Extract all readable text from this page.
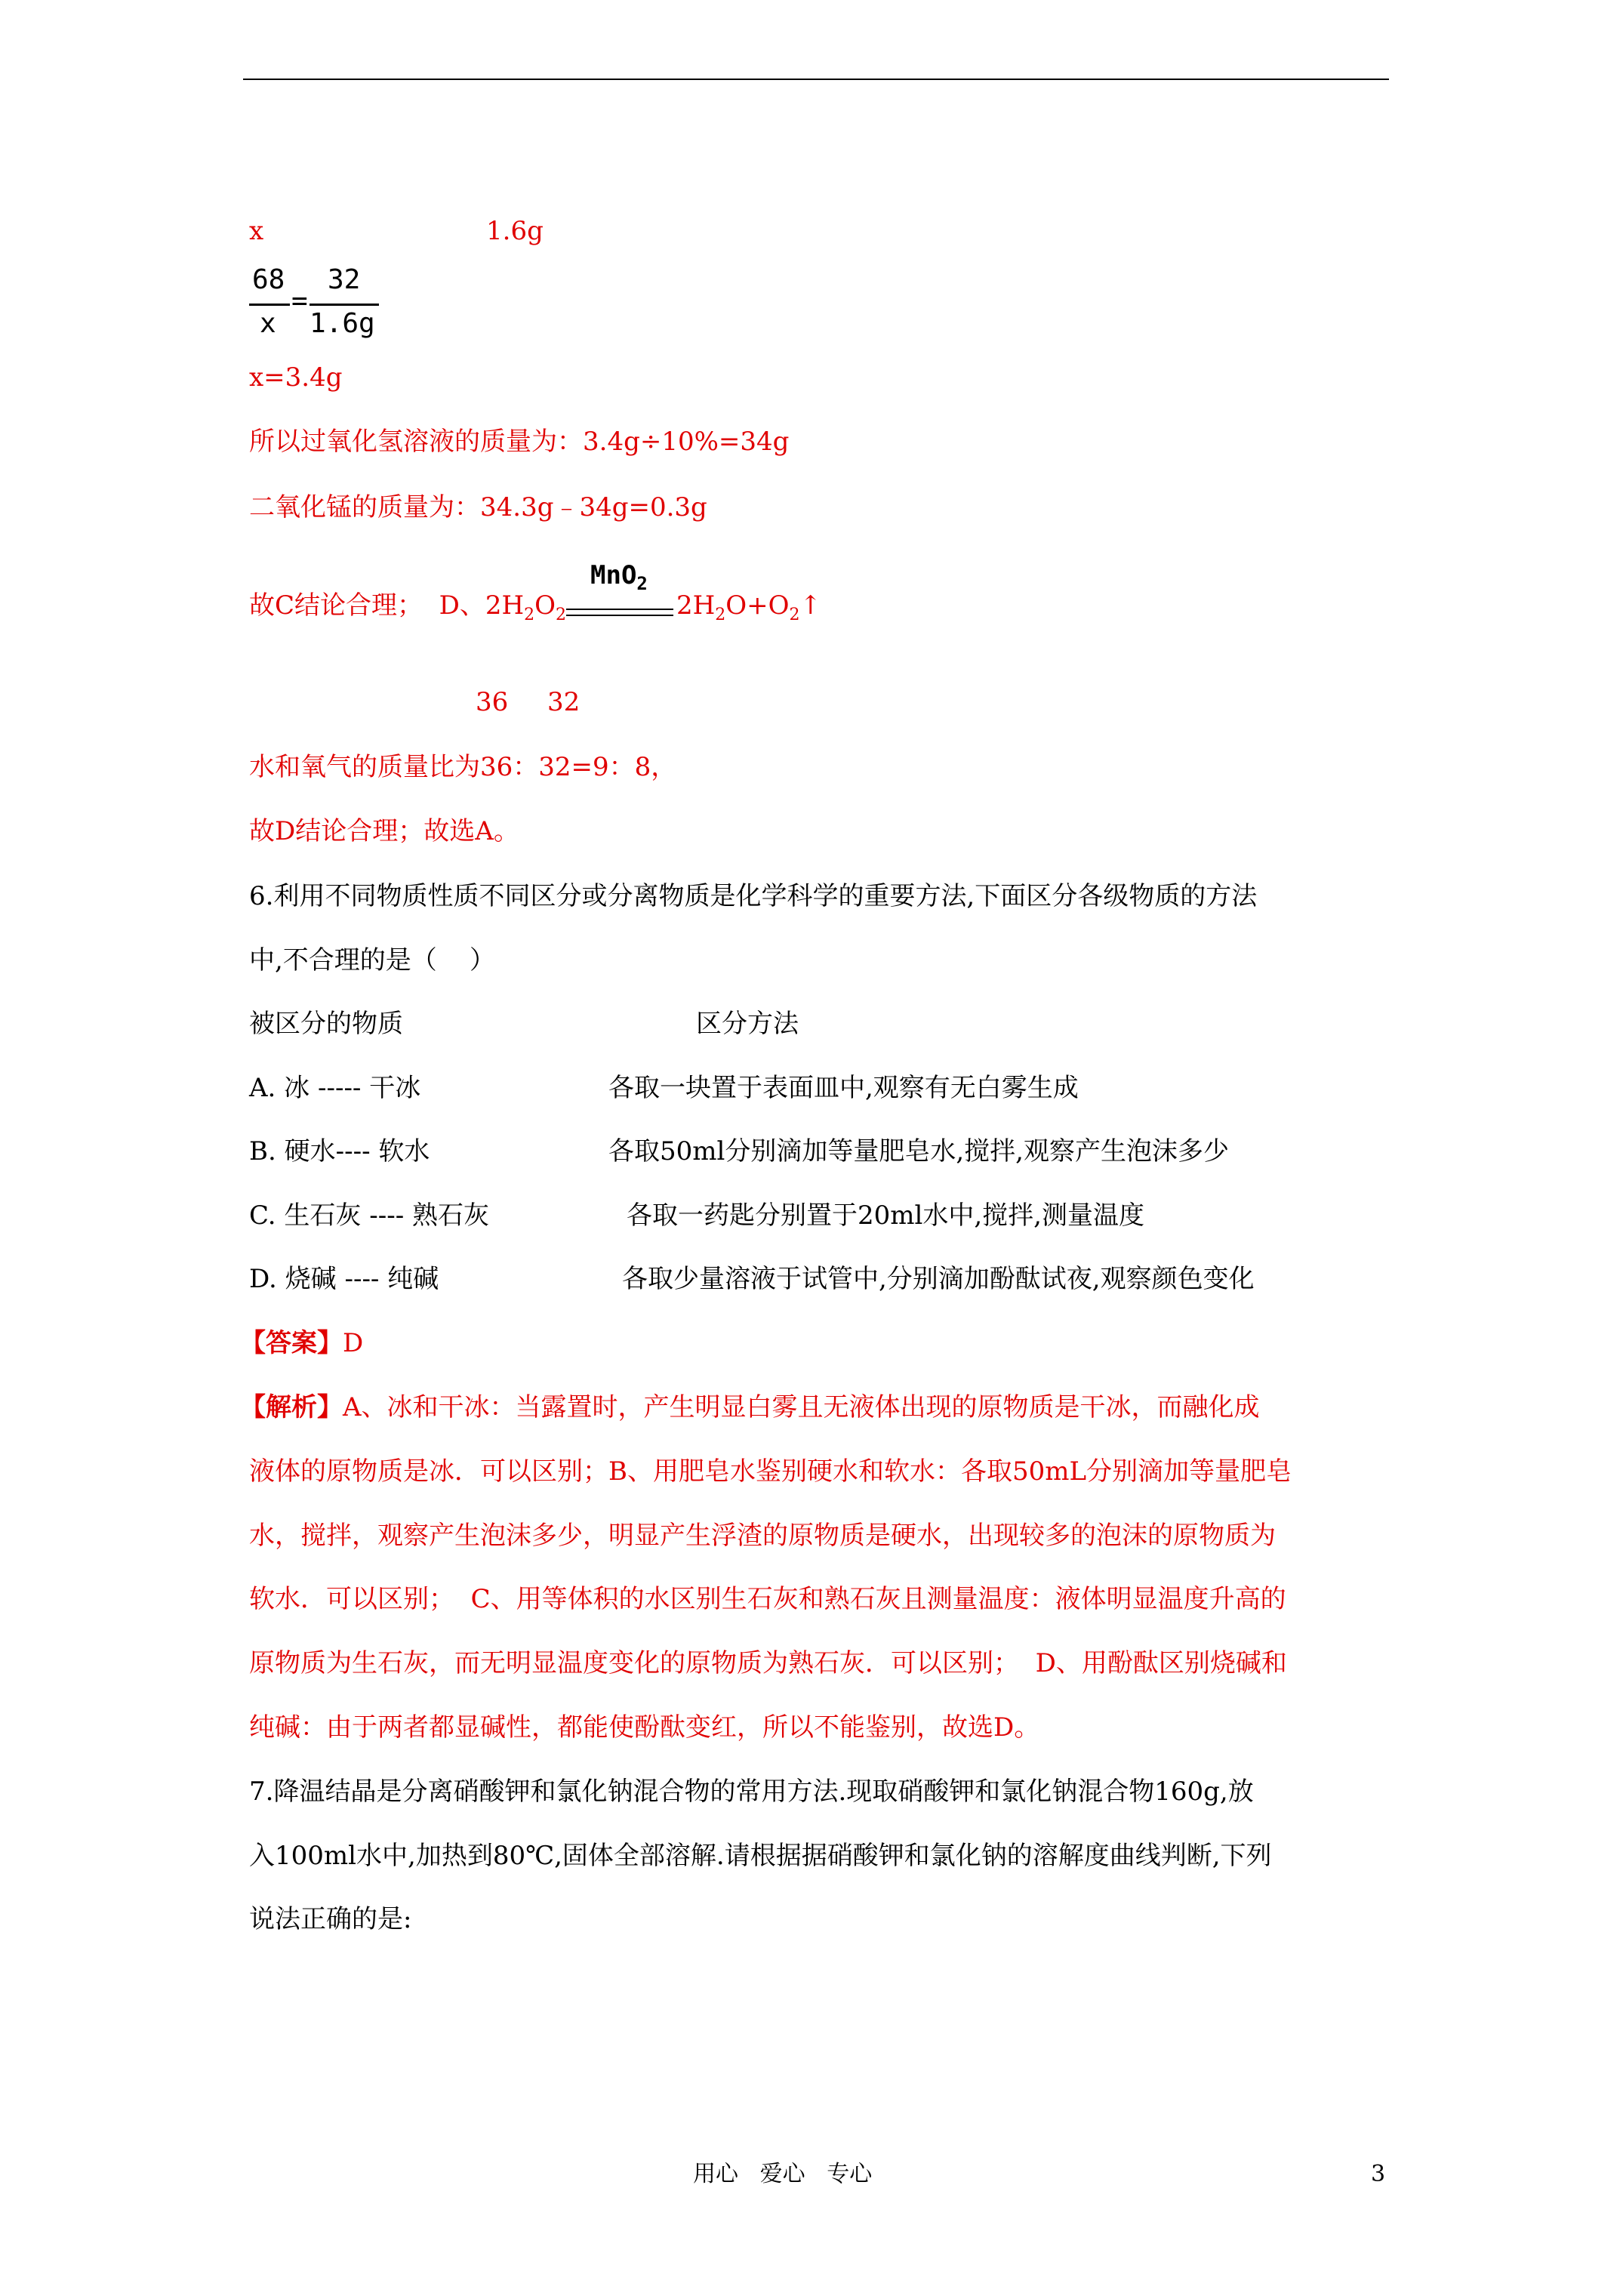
x	1.6g
68
x
=
32
1.6g
x=3.4g
所以过氧化氢溶液的质量为：3.4g÷10%=34g
二氧化锰的质量为：34.3g﹣34g=0.3g
故C结论合理；  D、$2H_2O_2$
MnO$_2$
$2H_2O+O_2↑$
36 32
水和氧气的质量比为36：32=9：8，
故D结论合理；故选A。
6.利用不同物质性质不同区分或分离物质是化学科学的重要方法,下面区分各级物质的方法
中,不合理的是（    ）
被区分的物质	区分方法
A. 冰 ----- 干冰	各取一块置于表面皿中,观察有无白雾生成
B. 硬水---- 软水	各取50ml分别滴加等量肥皂水,搅拌,观察产生泡沫多少
C. 生石灰 ---- 熟石灰	各取一药匙分别置于20ml水中,搅拌,测量温度
D. 烧碱 ---- 纯碱	各取少量溶液于试管中,分别滴加酚酞试夜,观察颜色变化
【答案】D
【解析】A、冰和干冰：当露置时，产生明显白雾且无液体出现的原物质是干冰，而融化成
液体的原物质是冰．可以区别；B、用肥皂水鉴别硬水和软水：各取50mL分别滴加等量肥皂
水，搅拌，观察产生泡沫多少，明显产生浮渣的原物质是硬水，出现较多的泡沫的原物质为
软水．可以区别；  C、用等体积的水区别生石灰和熟石灰且测量温度：液体明显温度升高的
原物质为生石灰，而无明显温度变化的原物质为熟石灰．可以区别；  D、用酚酞区别烧碱和
纯碱：由于两者都显碱性，都能使酚酞变红，所以不能鉴别，故选D。
7.降温结晶是分离硝酸钾和氯化钠混合物的常用方法.现取硝酸钾和氯化钠混合物160g,放
入100ml水中,加热到80℃,固体全部溶解.请根据据硝酸钾和氯化钠的溶解度曲线判断,下列
说法正确的是:
用心   爱心   专心	3
